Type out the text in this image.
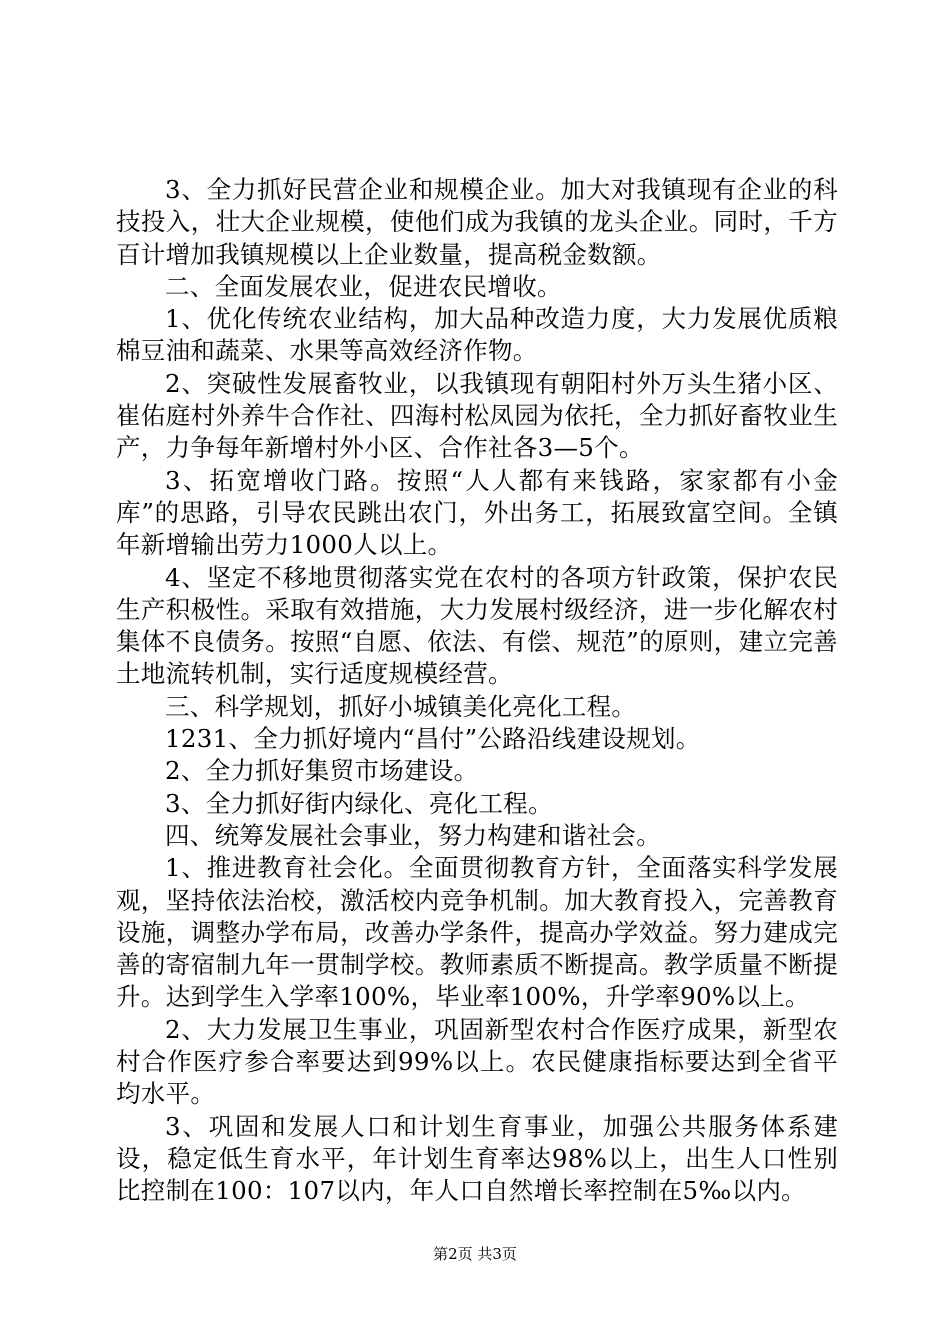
3、全力抓好民营企业和规模企业。加大对我镇现有企业的科技投入，壮大企业规模，使他们成为我镇的龙头企业。同时，千方百计增加我镇规模以上企业数量，提高税金数额。

二、全面发展农业，促进农民增收。

1、优化传统农业结构，加大品种改造力度，大力发展优质粮棉豆油和蔬菜、水果等高效经济作物。

2、突破性发展畜牧业，以我镇现有朝阳村外万头生猪小区、崔佑庭村外养牛合作社、四海村松凤园为依托，全力抓好畜牧业生产，力争每年新增村外小区、合作社各3—5个。

3、拓宽增收门路。按照“人人都有来钱路，家家都有小金库”的思路，引导农民跳出农门，外出务工，拓展致富空间。全镇年新增输出劳力1000人以上。

4、坚定不移地贯彻落实党在农村的各项方针政策，保护农民生产积极性。采取有效措施，大力发展村级经济，进一步化解农村集体不良债务。按照“自愿、依法、有偿、规范”的原则，建立完善土地流转机制，实行适度规模经营。

三、科学规划，抓好小城镇美化亮化工程。

1231、全力抓好境内“昌付”公路沿线建设规划。

2、全力抓好集贸市场建设。

3、全力抓好街内绿化、亮化工程。

四、统筹发展社会事业，努力构建和谐社会。

1、推进教育社会化。全面贯彻教育方针，全面落实科学发展观，坚持依法治校，激活校内竞争机制。加大教育投入，完善教育设施，调整办学布局，改善办学条件，提高办学效益。努力建成完善的寄宿制九年一贯制学校。教师素质不断提高。教学质量不断提升。达到学生入学率100%，毕业率100%，升学率90%以上。

2、大力发展卫生事业，巩固新型农村合作医疗成果，新型农村合作医疗参合率要达到99%以上。农民健康指标要达到全省平均水平。

3、巩固和发展人口和计划生育事业，加强公共服务体系建设，稳定低生育水平，年计划生育率达98%以上，出生人口性别比控制在100：107以内，年人口自然增长率控制在5‰以内。

第2页 共3页
